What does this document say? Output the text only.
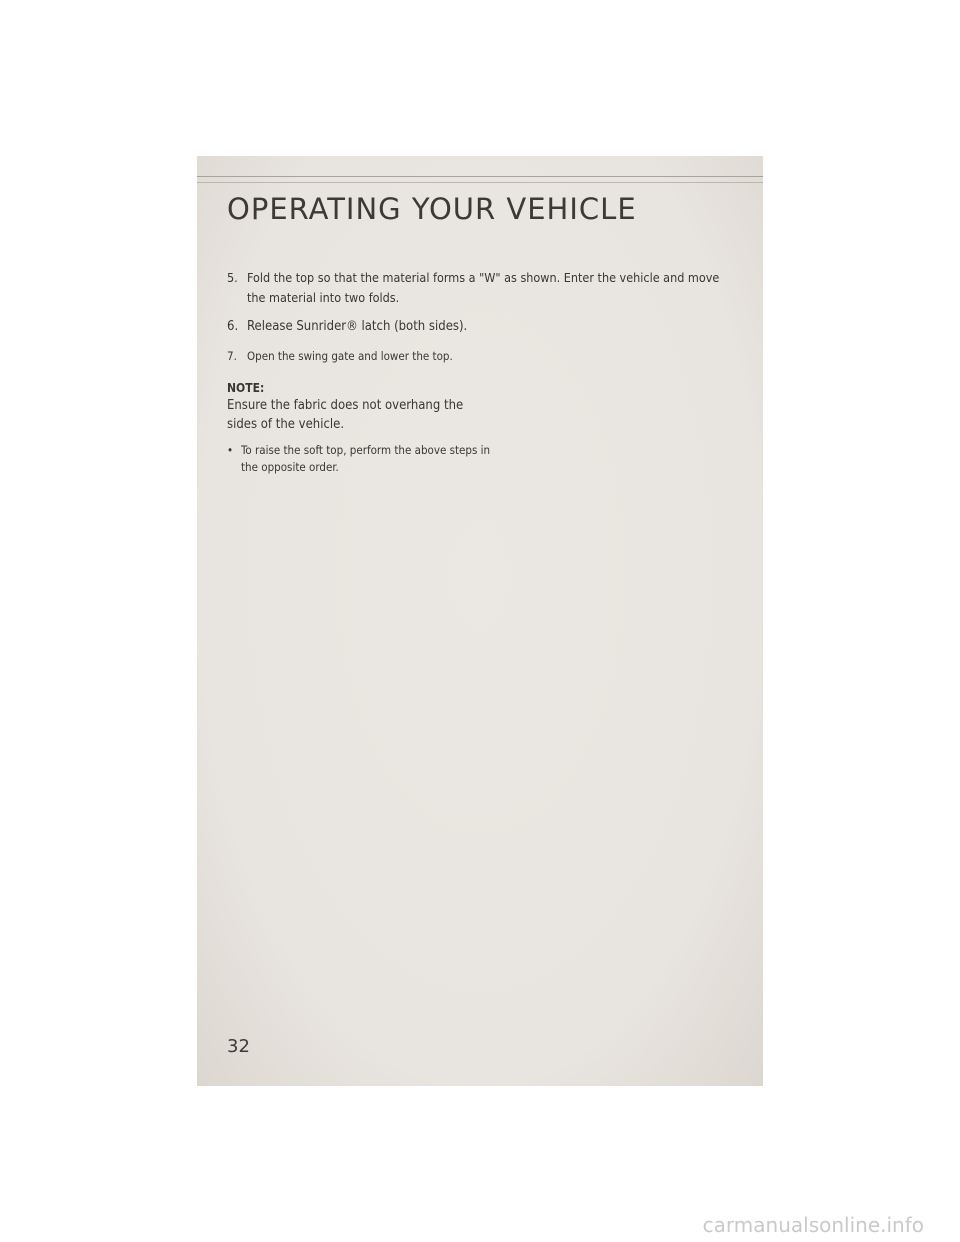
OPERATING YOUR VEHICLE
5. Fold the top so that the material forms a "W" as shown. Enter the vehicle and move
the material into two folds.
6. Release Sunrider® latch (both sides).
7. Open the swing gate and lower the top.
NOTE:
Ensure the fabric does not overhang the sides of the vehicle.
• To raise the soft top, perform the above steps in the opposite order.
32
carmanualsonline.info
